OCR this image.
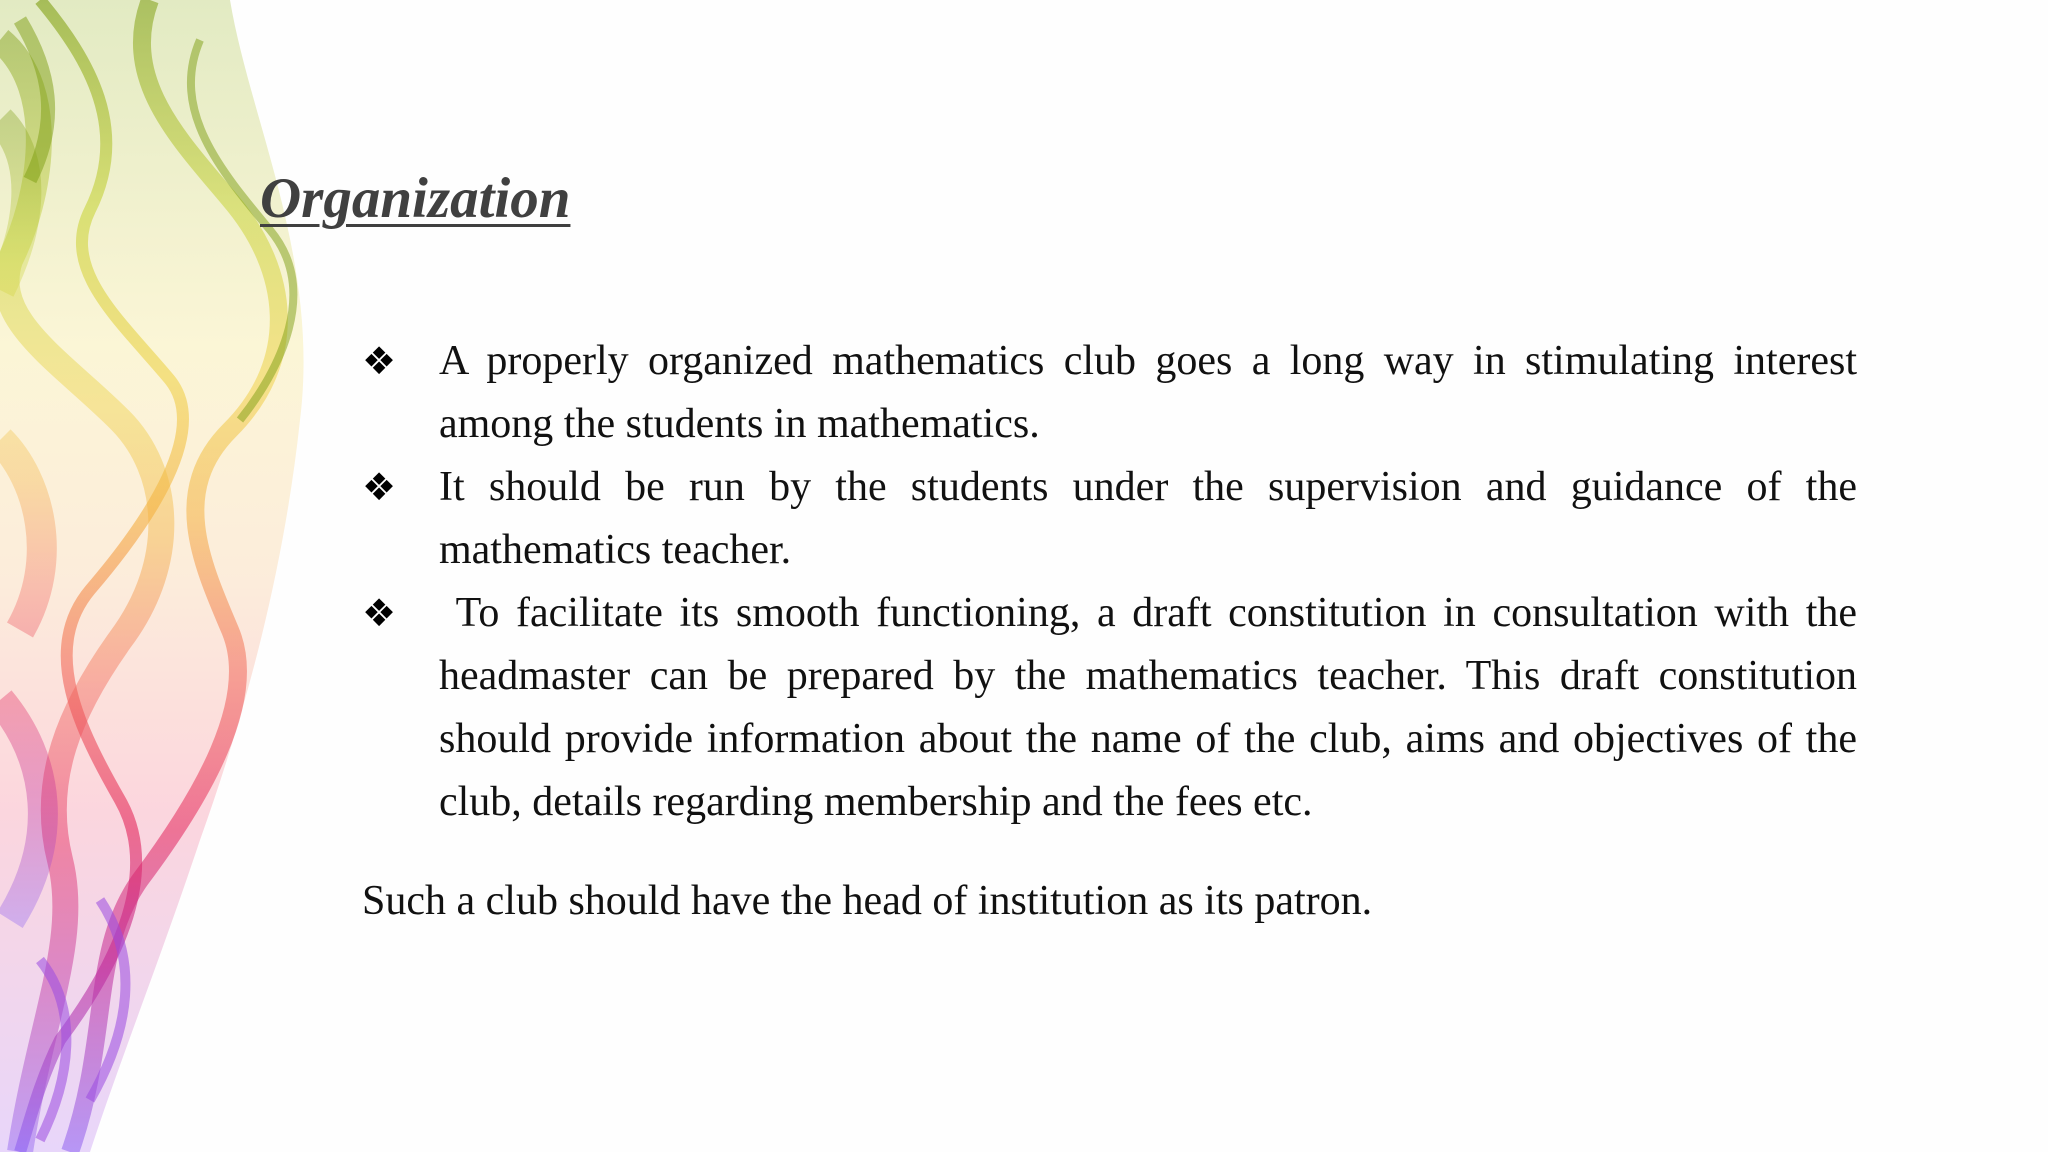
Organization
❖ A properly organized mathematics club goes a long way in stimulating interest among the students in mathematics.
❖ It should be run by the students under the supervision and guidance of the mathematics teacher.
❖ To facilitate its smooth functioning, a draft constitution in consultation with the headmaster can be prepared by the mathematics teacher. This draft constitution should provide information about the name of the club, aims and objectives of the club, details regarding membership and the fees etc.

Such a club should have the head of institution as its patron.
